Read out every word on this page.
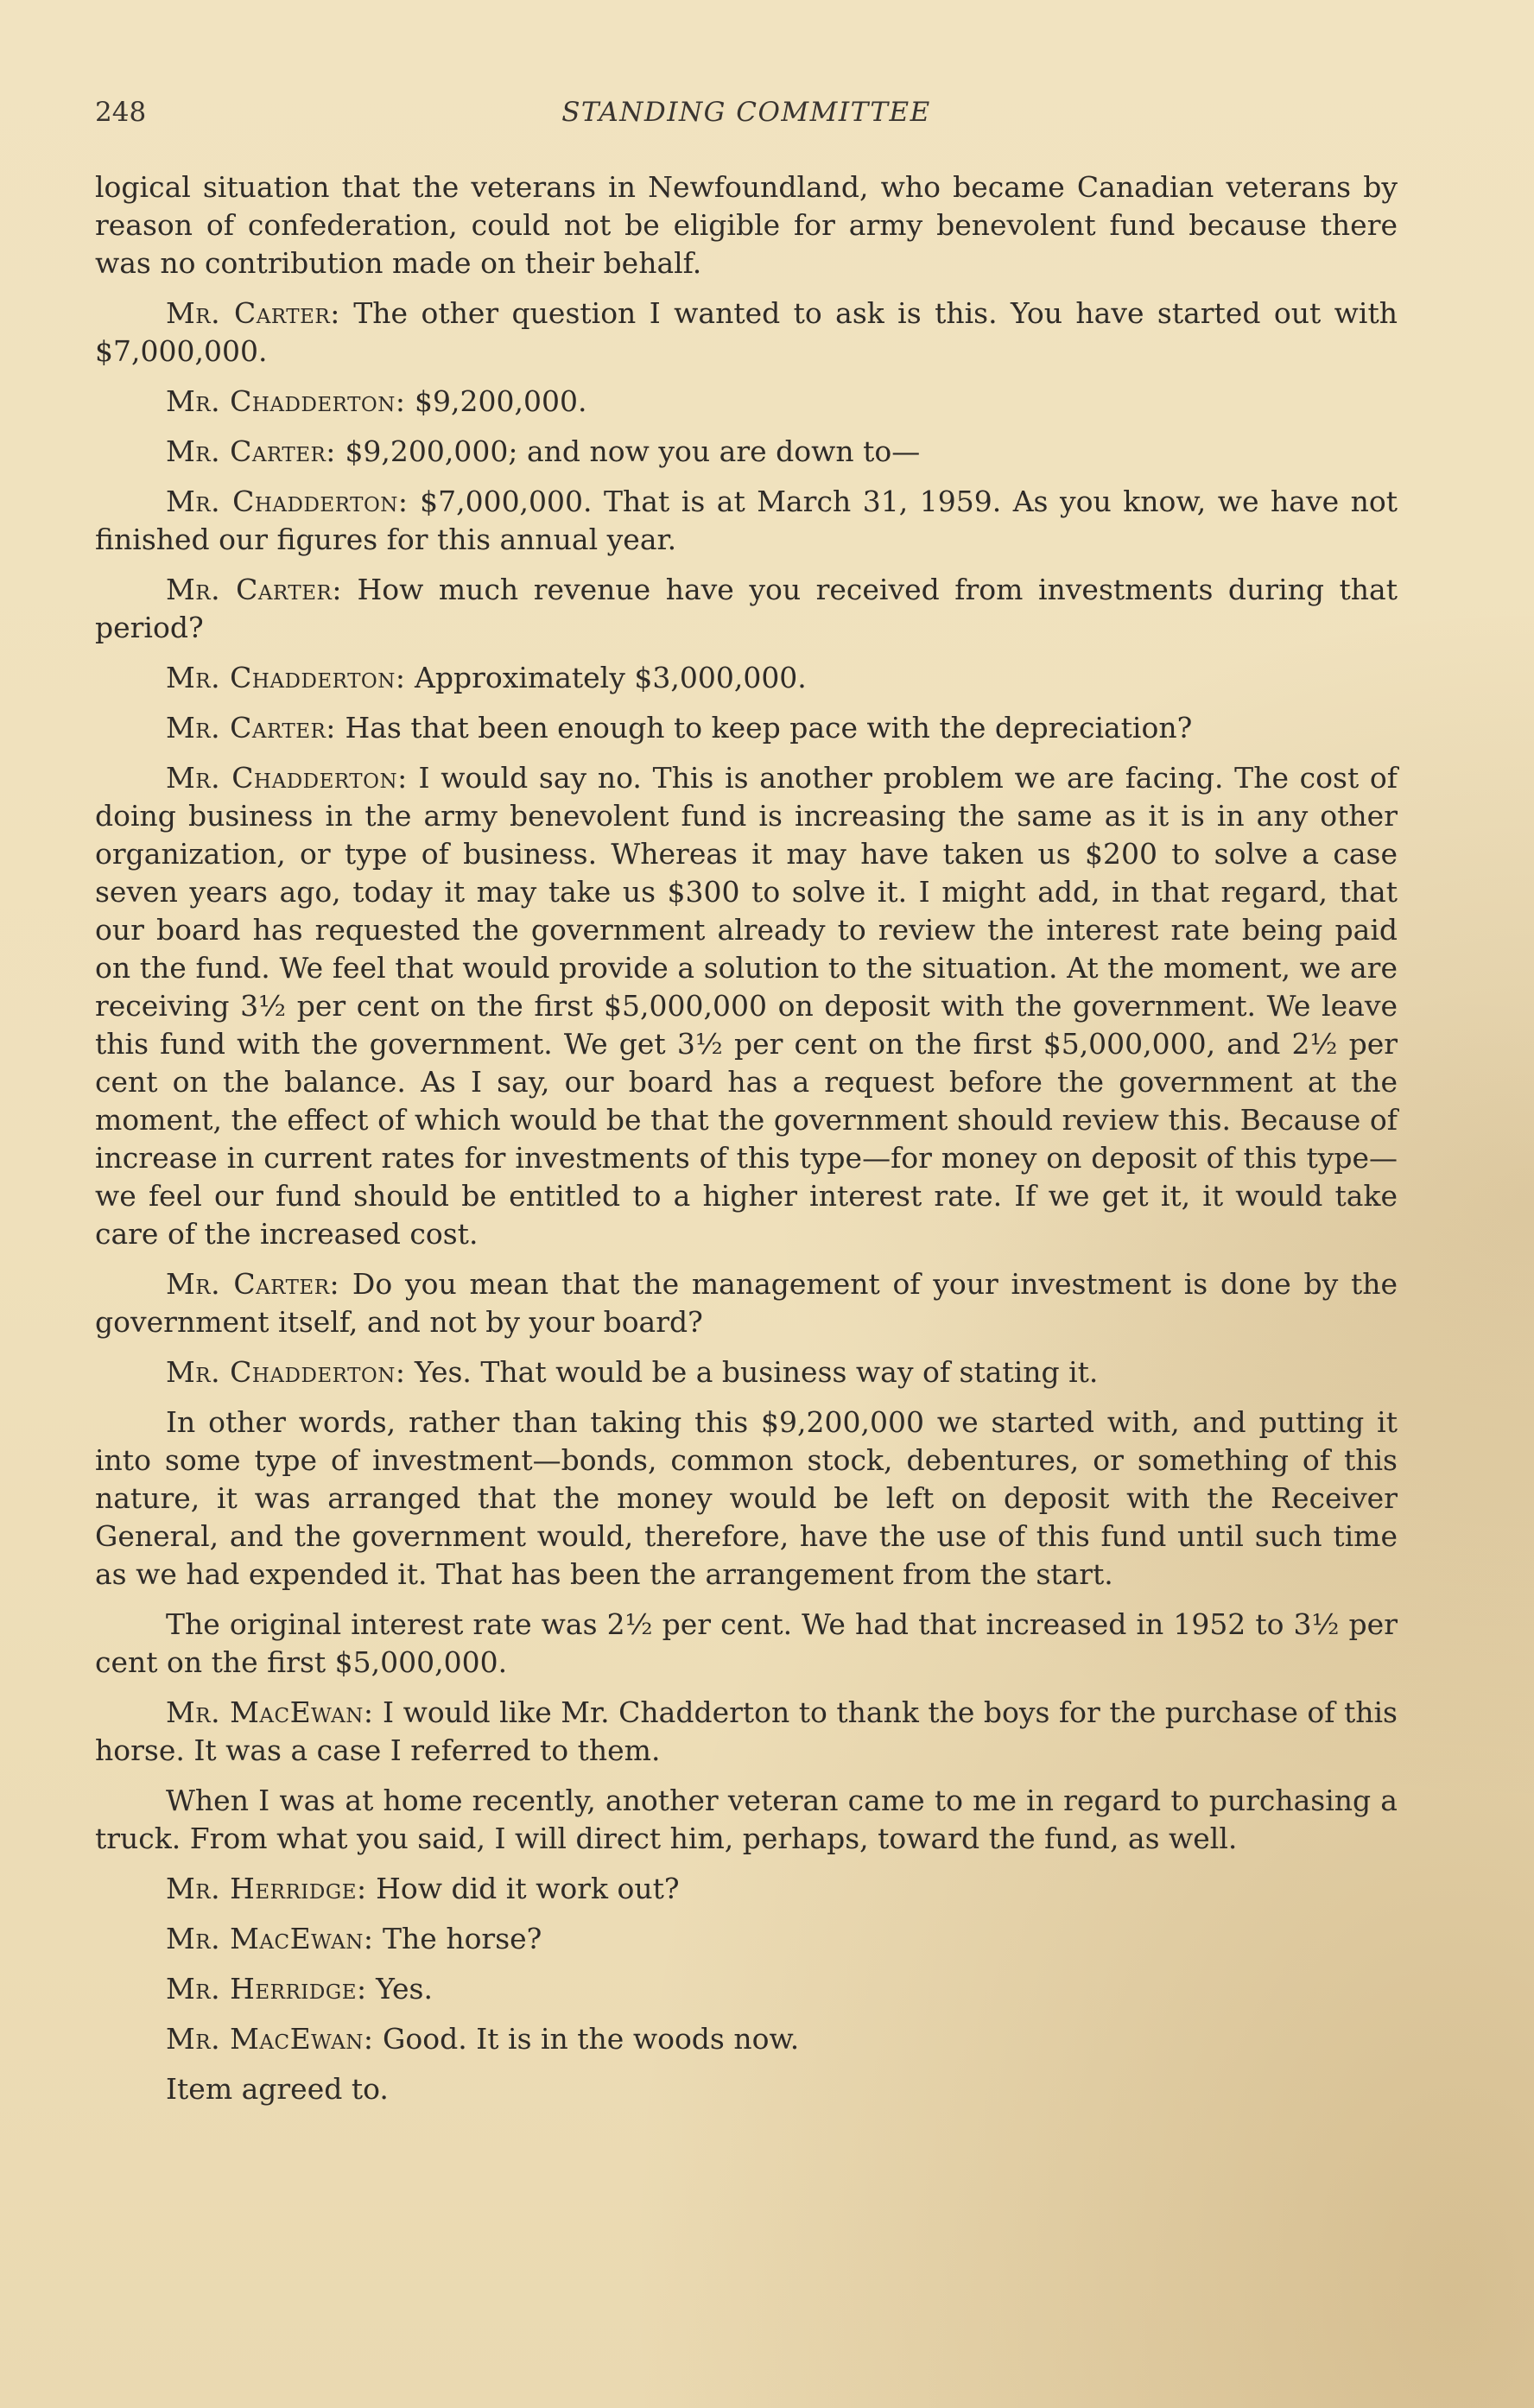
248	STANDING COMMITTEE

logical situation that the veterans in Newfoundland, who became Canadian veterans by reason of confederation, could not be eligible for army benevolent fund because there was no contribution made on their behalf.

Mr. Carter: The other question I wanted to ask is this. You have started out with $7,000,000.

Mr. Chadderton: $9,200,000.

Mr. Carter: $9,200,000; and now you are down to—

Mr. Chadderton: $7,000,000. That is at March 31, 1959. As you know, we have not finished our figures for this annual year.

Mr. Carter: How much revenue have you received from investments during that period?

Mr. Chadderton: Approximately $3,000,000.

Mr. Carter: Has that been enough to keep pace with the depreciation?

Mr. Chadderton: I would say no. This is another problem we are facing. The cost of doing business in the army benevolent fund is increasing the same as it is in any other organization, or type of business. Whereas it may have taken us $200 to solve a case seven years ago, today it may take us $300 to solve it. I might add, in that regard, that our board has requested the government already to review the interest rate being paid on the fund. We feel that would provide a solution to the situation. At the moment, we are receiving 3½ per cent on the first $5,000,000 on deposit with the government. We leave this fund with the government. We get 3½ per cent on the first $5,000,000, and 2½ per cent on the balance. As I say, our board has a request before the government at the moment, the effect of which would be that the government should review this. Because of increase in current rates for investments of this type—for money on deposit of this type—we feel our fund should be entitled to a higher interest rate. If we get it, it would take care of the increased cost.

Mr. Carter: Do you mean that the management of your investment is done by the government itself, and not by your board?

Mr. Chadderton: Yes. That would be a business way of stating it.

In other words, rather than taking this $9,200,000 we started with, and putting it into some type of investment—bonds, common stock, debentures, or something of this nature, it was arranged that the money would be left on deposit with the Receiver General, and the government would, therefore, have the use of this fund until such time as we had expended it. That has been the arrangement from the start.

The original interest rate was 2½ per cent. We had that increased in 1952 to 3½ per cent on the first $5,000,000.

Mr. MacEwan: I would like Mr. Chadderton to thank the boys for the purchase of this horse. It was a case I referred to them.

When I was at home recently, another veteran came to me in regard to purchasing a truck. From what you said, I will direct him, perhaps, toward the fund, as well.

Mr. Herridge: How did it work out?

Mr. MacEwan: The horse?

Mr. Herridge: Yes.

Mr. MacEwan: Good. It is in the woods now.

Item agreed to.
